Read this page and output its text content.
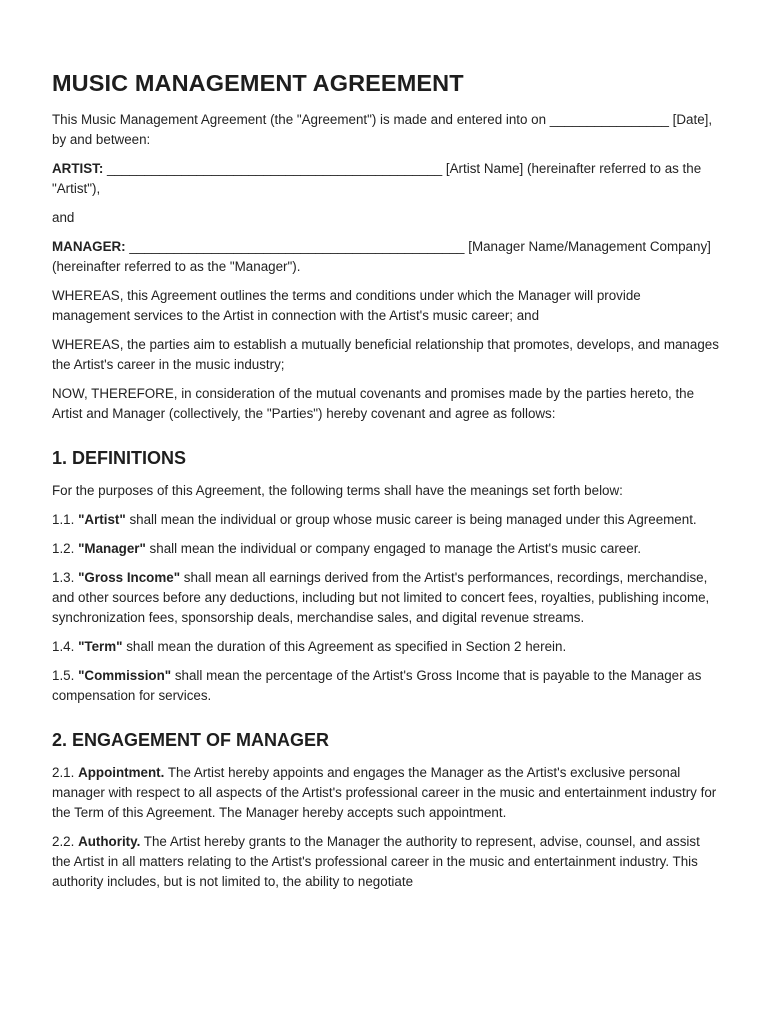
MUSIC MANAGEMENT AGREEMENT

This Music Management Agreement (the "Agreement") is made and entered into on ________________ [Date], by and between:

ARTIST: _____________________________________________ [Artist Name] (hereinafter referred to as the "Artist"),

and

MANAGER: _____________________________________________ [Manager Name/Management Company] (hereinafter referred to as the "Manager").

WHEREAS, this Agreement outlines the terms and conditions under which the Manager will provide management services to the Artist in connection with the Artist's music career; and

WHEREAS, the parties aim to establish a mutually beneficial relationship that promotes, develops, and manages the Artist's career in the music industry;

NOW, THEREFORE, in consideration of the mutual covenants and promises made by the parties hereto, the Artist and Manager (collectively, the "Parties") hereby covenant and agree as follows:

1. DEFINITIONS

For the purposes of this Agreement, the following terms shall have the meanings set forth below:

1.1. "Artist" shall mean the individual or group whose music career is being managed under this Agreement.

1.2. "Manager" shall mean the individual or company engaged to manage the Artist's music career.

1.3. "Gross Income" shall mean all earnings derived from the Artist's performances, recordings, merchandise, and other sources before any deductions, including but not limited to concert fees, royalties, publishing income, synchronization fees, sponsorship deals, merchandise sales, and digital revenue streams.

1.4. "Term" shall mean the duration of this Agreement as specified in Section 2 herein.

1.5. "Commission" shall mean the percentage of the Artist's Gross Income that is payable to the Manager as compensation for services.

2. ENGAGEMENT OF MANAGER

2.1. Appointment. The Artist hereby appoints and engages the Manager as the Artist's exclusive personal manager with respect to all aspects of the Artist's professional career in the music and entertainment industry for the Term of this Agreement. The Manager hereby accepts such appointment.

2.2. Authority. The Artist hereby grants to the Manager the authority to represent, advise, counsel, and assist the Artist in all matters relating to the Artist's professional career in the music and entertainment industry. This authority includes, but is not limited to, the ability to negotiate
